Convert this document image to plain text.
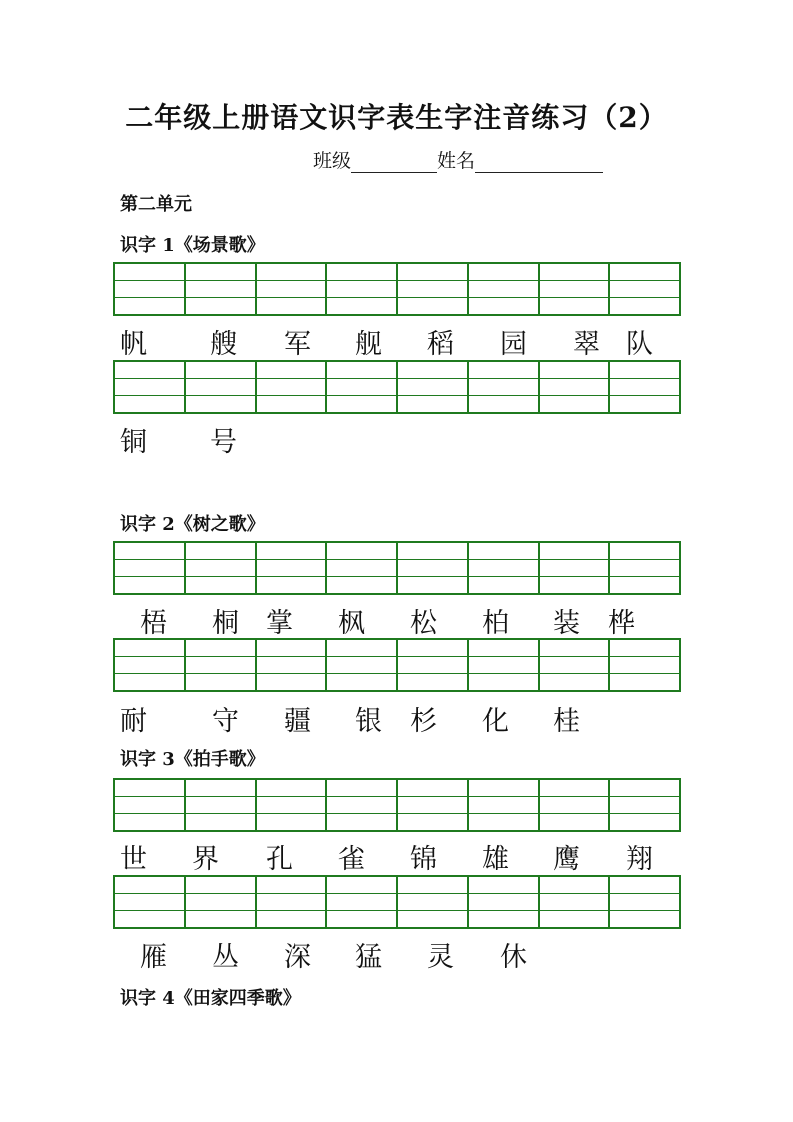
二年级上册语文识字表生字注音练习（2）
班级	姓名
第二单元
识字 1《场景歌》
帆 艘 军 舰 稻 园 翠 队
铜 号
识字 2《树之歌》
梧 桐 掌 枫 松 柏 装 桦
耐 守 疆 银 杉 化 桂
识字 3《拍手歌》
世 界 孔 雀 锦 雄 鹰 翔
雁 丛 深 猛 灵 休
识字 4《田家四季歌》
